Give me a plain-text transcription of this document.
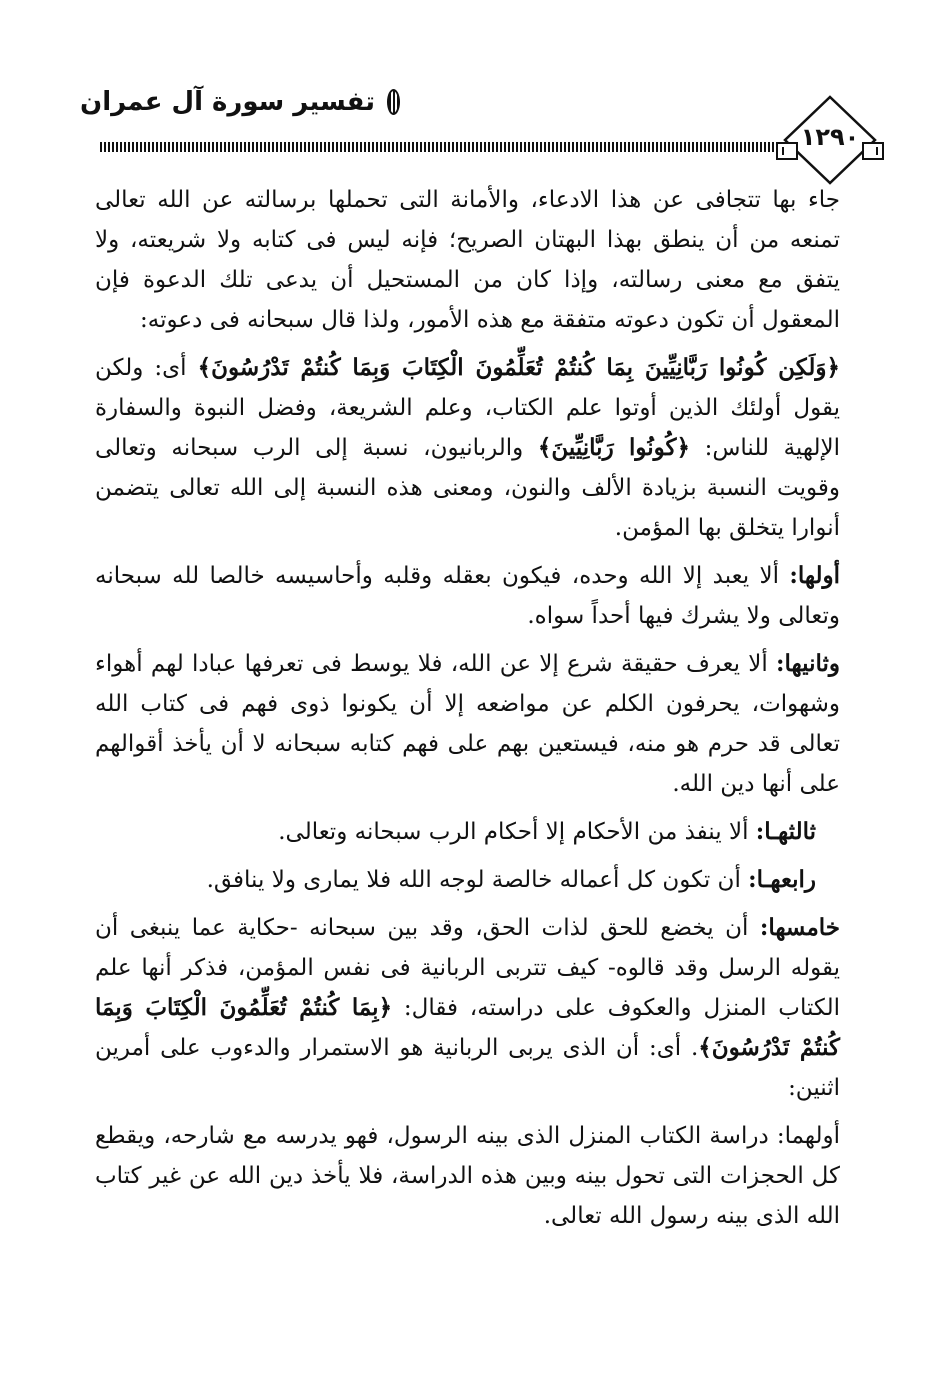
تفسير سورة آل عمران
١٢٩٠

جاء بها تتجافى عن هذا الادعاء، والأمانة التى تحملها برسالته عن الله تعالى تمنعه من أن ينطق بهذا البهتان الصريح؛ فإنه ليس فى كتابه ولا شريعته، ولا يتفق مع معنى رسالته، وإذا كان من المستحيل أن يدعى تلك الدعوة فإن المعقول أن تكون دعوته متفقة مع هذه الأمور، ولذا قال سبحانه فى دعوته:

﴿وَلَكِن كُونُوا رَبَّانِيِّينَ بِمَا كُنتُمْ تُعَلِّمُونَ الْكِتَابَ وَبِمَا كُنتُمْ تَدْرُسُونَ﴾ أى: ولكن يقول أولئك الذين أوتوا علم الكتاب، وعلم الشريعة، وفضل النبوة والسفارة الإلهية للناس: ﴿كُونُوا رَبَّانِيِّينَ﴾ والربانيون، نسبة إلى الرب سبحانه وتعالى وقويت النسبة بزيادة الألف والنون، ومعنى هذه النسبة إلى الله تعالى يتضمن أنوارا يتخلق بها المؤمن.

أولها: ألا يعبد إلا الله وحده، فيكون بعقله وقلبه وأحاسيسه خالصا لله سبحانه وتعالى ولا يشرك فيها أحداً سواه.

وثانيها: ألا يعرف حقيقة شرع إلا عن الله، فلا يوسط فى تعرفها عبادا لهم أهواء وشهوات، يحرفون الكلم عن مواضعه إلا أن يكونوا ذوى فهم فى كتاب الله تعالى قد حرم هو منه، فيستعين بهم على فهم كتابه سبحانه لا أن يأخذ أقوالهم على أنها دين الله.

ثالثهـا: ألا ينفذ من الأحكام إلا أحكام الرب سبحانه وتعالى.

رابعهـا: أن تكون كل أعماله خالصة لوجه الله فلا يمارى ولا ينافق.

خامسها: أن يخضع للحق لذات الحق، وقد بين سبحانه -حكاية عما ينبغى أن يقوله الرسل وقد قالوه- كيف تتربى الربانية فى نفس المؤمن، فذكر أنها علم الكتاب المنزل والعكوف على دراسته، فقال: ﴿بِمَا كُنتُمْ تُعَلِّمُونَ الْكِتَابَ وَبِمَا كُنتُمْ تَدْرُسُونَ﴾. أى: أن الذى يربى الربانية هو الاستمرار والدءوب على أمرين اثنين:

أولهما: دراسة الكتاب المنزل الذى بينه الرسول، فهو يدرسه مع شارحه، ويقطع كل الحجزات التى تحول بينه وبين هذه الدراسة، فلا يأخذ دين الله عن غير كتاب الله الذى بينه رسول الله تعالى.
